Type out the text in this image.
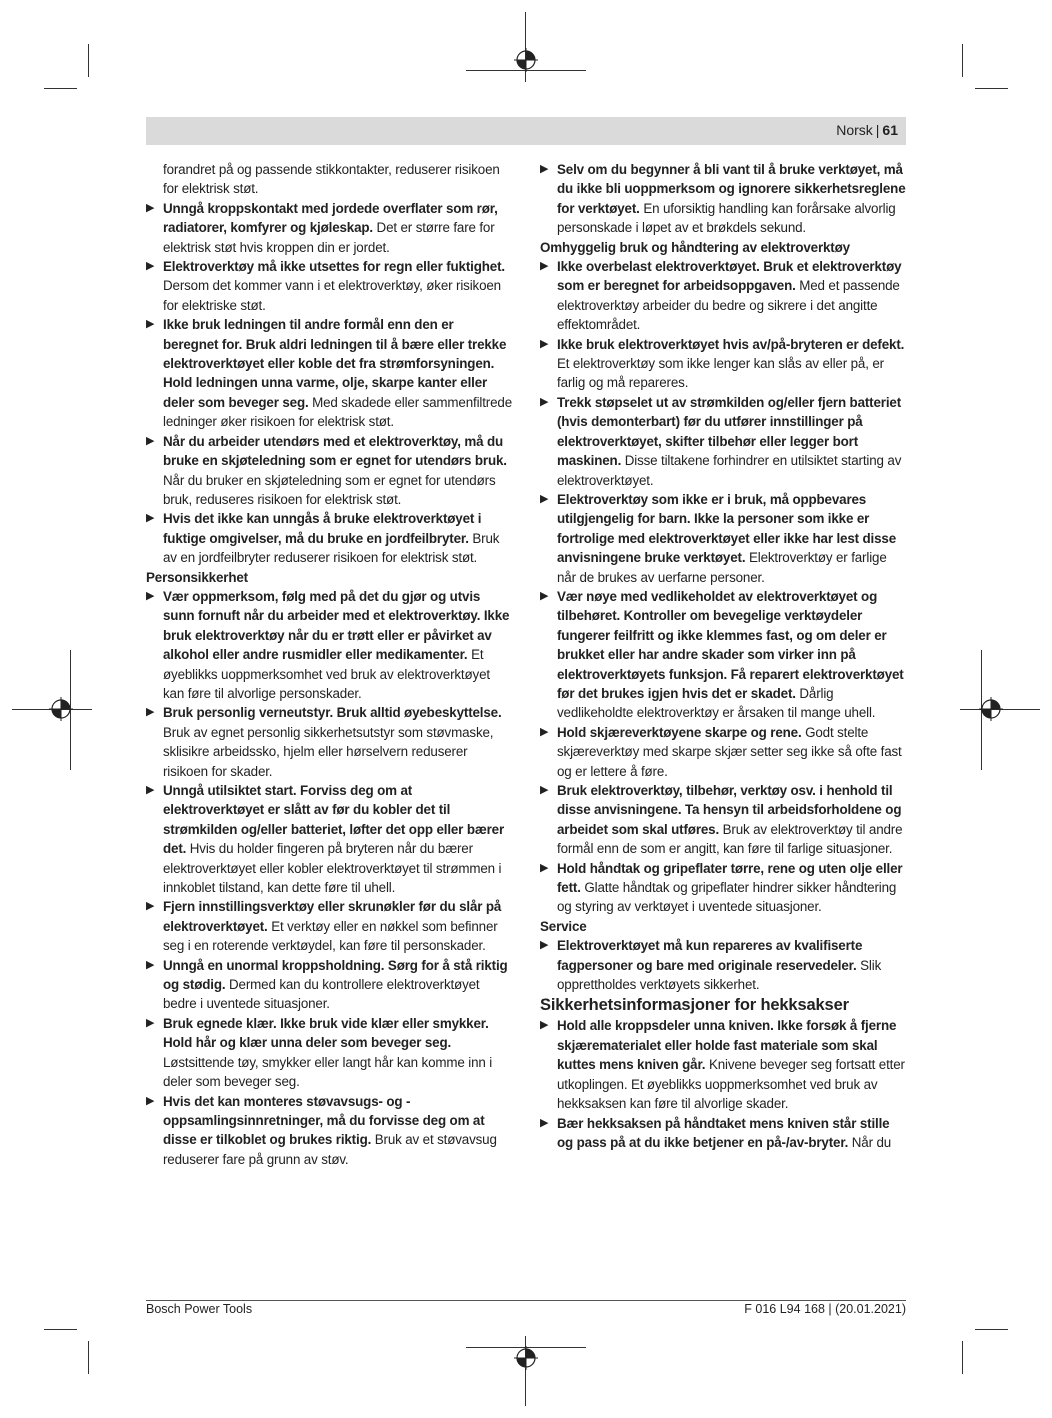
Norsk | 61

forandret på og passende stikkontakter, reduserer risikoen for elektrisk støt.

▶ Unngå kroppskontakt med jordede overflater som rør, radiatorer, komfyrer og kjøleskap. Det er større fare for elektrisk støt hvis kroppen din er jordet.

▶ Elektroverktøy må ikke utsettes for regn eller fuktighet. Dersom det kommer vann i et elektroverktøy, øker risikoen for elektriske støt.

▶ Ikke bruk ledningen til andre formål enn den er beregnet for. Bruk aldri ledningen til å bære eller trekke elektroverktøyet eller koble det fra strømforsyningen. Hold ledningen unna varme, olje, skarpe kanter eller deler som beveger seg. Med skadede eller sammenfiltrede ledninger øker risikoen for elektrisk støt.

▶ Når du arbeider utendørs med et elektroverktøy, må du bruke en skjøteledning som er egnet for utendørs bruk. Når du bruker en skjøteledning som er egnet for utendørs bruk, reduseres risikoen for elektrisk støt.

▶ Hvis det ikke kan unngås å bruke elektroverktøyet i fuktige omgivelser, må du bruke en jordfeilbryter. Bruk av en jordfeilbryter reduserer risikoen for elektrisk støt.

Personsikkerhet

▶ Vær oppmerksom, følg med på det du gjør og utvis sunn fornuft når du arbeider med et elektroverktøy. Ikke bruk elektroverktøy når du er trøtt eller er påvirket av alkohol eller andre rusmidler eller medikamenter. Et øyeblikks uoppmerksomhet ved bruk av elektroverktøyet kan føre til alvorlige personskader.

▶ Bruk personlig verneutstyr. Bruk alltid øyebeskyttelse. Bruk av egnet personlig sikkerhetsutstyr som støvmaske, sklisikre arbeidssko, hjelm eller hørselvern reduserer risikoen for skader.

▶ Unngå utilsiktet start. Forviss deg om at elektroverktøyet er slått av før du kobler det til strømkilden og/eller batteriet, løfter det opp eller bærer det. Hvis du holder fingeren på bryteren når du bærer elektroverktøyet eller kobler elektroverktøyet til strømmen i innkoblet tilstand, kan dette føre til uhell.

▶ Fjern innstillingsverktøy eller skrunøkler før du slår på elektroverktøyet. Et verktøy eller en nøkkel som befinner seg i en roterende verktøydel, kan føre til personskader.

▶ Unngå en unormal kroppsholdning. Sørg for å stå riktig og stødig. Dermed kan du kontrollere elektroverktøyet bedre i uventede situasjoner.

▶ Bruk egnede klær. Ikke bruk vide klær eller smykker. Hold hår og klær unna deler som beveger seg. Løstsittende tøy, smykker eller langt hår kan komme inn i deler som beveger seg.

▶ Hvis det kan monteres støvavsugs- og -oppsamlingsinnretninger, må du forvisse deg om at disse er tilkoblet og brukes riktig. Bruk av et støvavsug reduserer fare på grunn av støv.

▶ Selv om du begynner å bli vant til å bruke verktøyet, må du ikke bli uoppmerksom og ignorere sikkerhetsreglene for verktøyet. En uforsiktig handling kan forårsake alvorlig personskade i løpet av et brøkdels sekund.

Omhyggelig bruk og håndtering av elektroverktøy

▶ Ikke overbelast elektroverktøyet. Bruk et elektroverktøy som er beregnet for arbeidsoppgaven. Med et passende elektroverktøy arbeider du bedre og sikrere i det angitte effektområdet.

▶ Ikke bruk elektroverktøyet hvis av/på-bryteren er defekt. Et elektroverktøy som ikke lenger kan slås av eller på, er farlig og må repareres.

▶ Trekk støpselet ut av strømkilden og/eller fjern batteriet (hvis demonterbart) før du utfører innstillinger på elektroverktøyet, skifter tilbehør eller legger bort maskinen. Disse tiltakene forhindrer en utilsiktet starting av elektroverktøyet.

▶ Elektroverktøy som ikke er i bruk, må oppbevares utilgjengelig for barn. Ikke la personer som ikke er fortrolige med elektroverktøyet eller ikke har lest disse anvisningene bruke verktøyet. Elektroverktøy er farlige når de brukes av uerfarne personer.

▶ Vær nøye med vedlikeholdet av elektroverktøyet og tilbehøret. Kontroller om bevegelige verktøydeler fungerer feilfritt og ikke klemmes fast, og om deler er brukket eller har andre skader som virker inn på elektroverktøyets funksjon. Få reparert elektroverktøyet før det brukes igjen hvis det er skadet. Dårlig vedlikeholdte elektroverktøy er årsaken til mange uhell.

▶ Hold skjæreverktøyene skarpe og rene. Godt stelte skjæreverktøy med skarpe skjær setter seg ikke så ofte fast og er lettere å føre.

▶ Bruk elektroverktøy, tilbehør, verktøy osv. i henhold til disse anvisningene. Ta hensyn til arbeidsforholdene og arbeidet som skal utføres. Bruk av elektroverktøy til andre formål enn de som er angitt, kan føre til farlige situasjoner.

▶ Hold håndtak og gripeflater tørre, rene og uten olje eller fett. Glatte håndtak og gripeflater hindrer sikker håndtering og styring av verktøyet i uventede situasjoner.

Service

▶ Elektroverktøyet må kun repareres av kvalifiserte fagpersoner og bare med originale reservedeler. Slik opprettholdes verktøyets sikkerhet.

Sikkerhetsinformasjoner for hekksakser

▶ Hold alle kroppsdeler unna kniven. Ikke forsøk å fjerne skjærematerialet eller holde fast materiale som skal kuttes mens kniven går. Knivene beveger seg fortsatt etter utkoplingen. Et øyeblikks uoppmerksomhet ved bruk av hekksaksen kan føre til alvorlige skader.

▶ Bær hekksaksen på håndtaket mens kniven står stille og pass på at du ikke betjener en på-/av-bryter. Når du

Bosch Power Tools	F 016 L94 168 | (20.01.2021)
